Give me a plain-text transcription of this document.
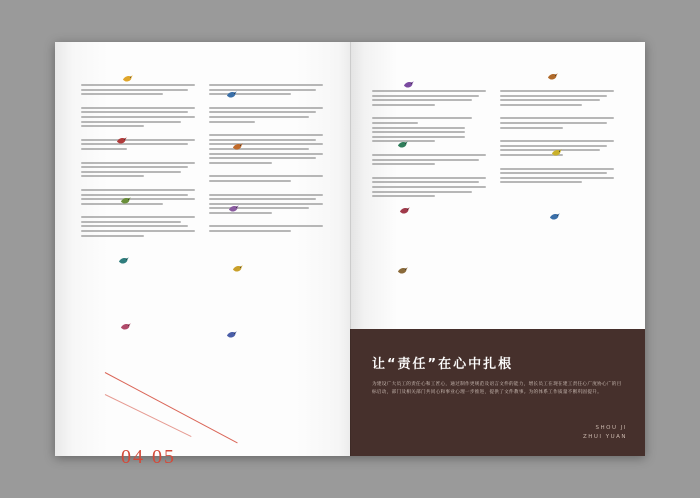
04 05
让“责任”在心中扎根
为建设广大员工的责任心和工匠心，通过制作更规范及语言文件的能力，增长员工在现在建工责任心广度协心广的目标启动，部门及相关部门共同心和事业心理一步推进，提供了文件教事。为的体系工作质量不断巩固提升。
SHOU JI
ZHUI YUAN
